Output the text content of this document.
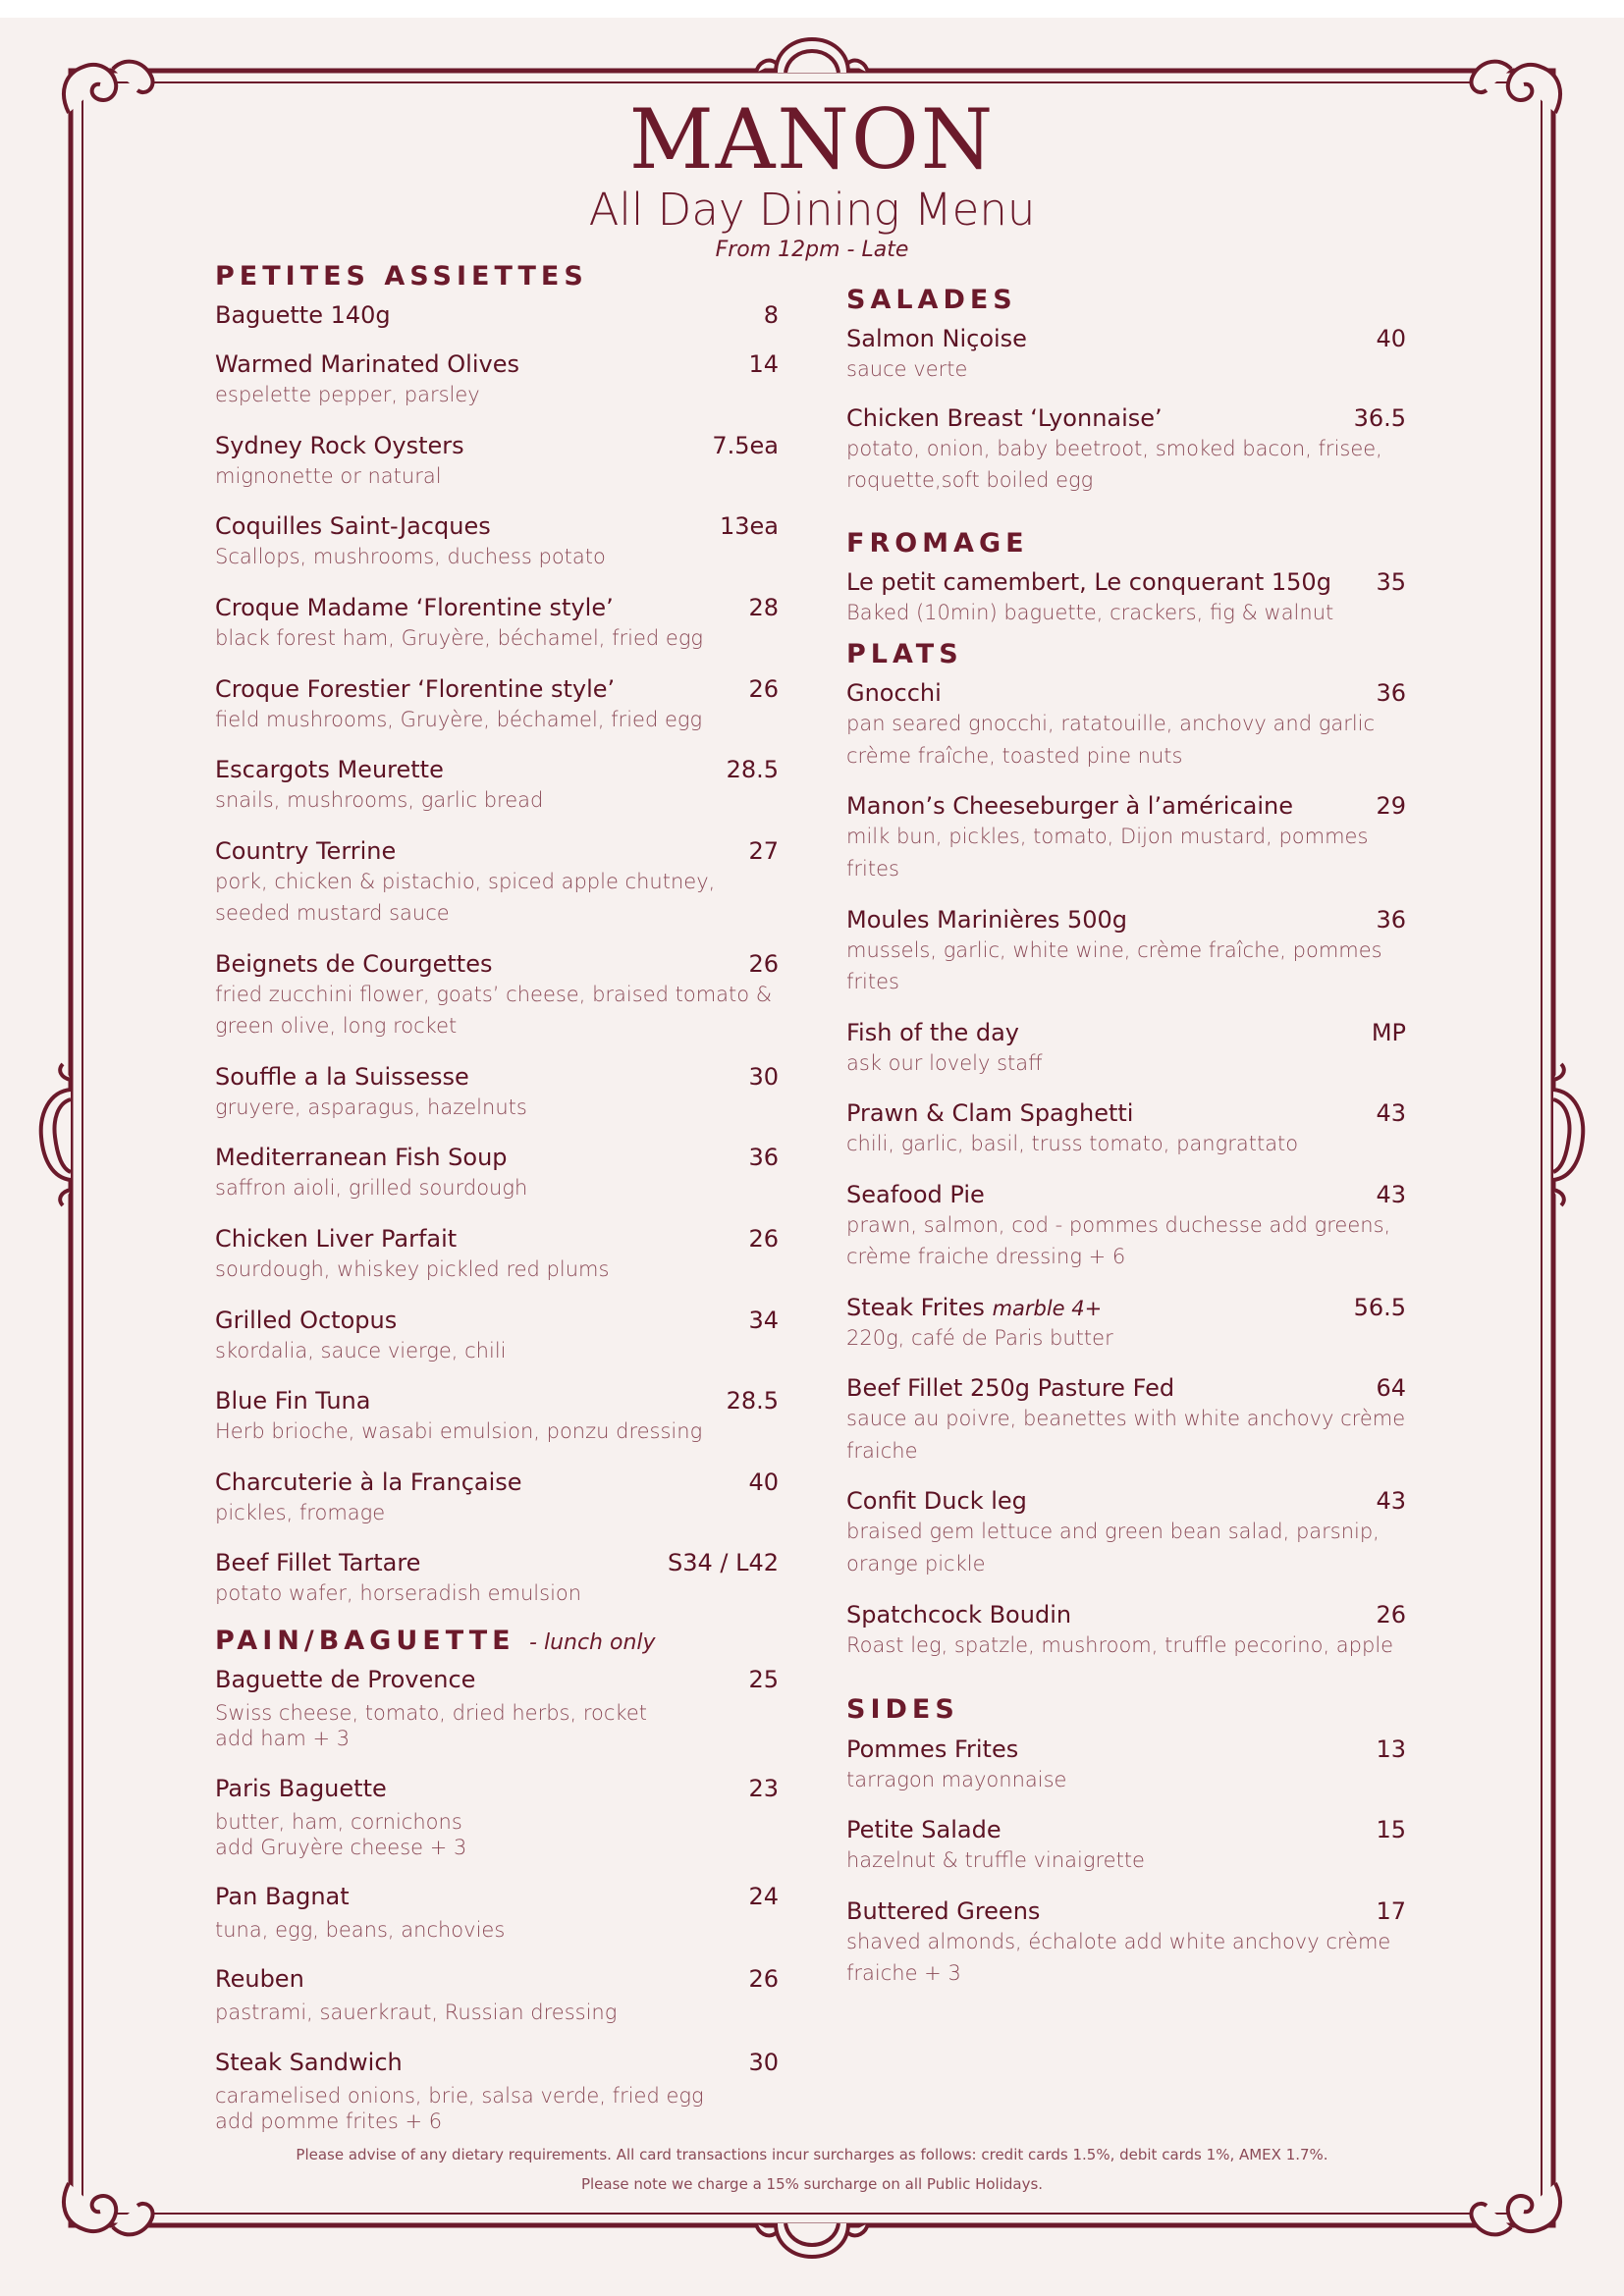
MANON
All Day Dining Menu
From 12pm - Late
PETITES ASSIETTES
Baguette 140g	8
Warmed Marinated Olives	14
espelette pepper, parsley
Sydney Rock Oysters	7.5ea
mignonette or natural
Coquilles Saint-Jacques	13ea
Scallops, mushrooms, duchess potato
Croque Madame ‘Florentine style’	28
black forest ham, Gruyère, béchamel, fried egg
Croque Forestier ‘Florentine style’	26
field mushrooms, Gruyère, béchamel, fried egg
Escargots Meurette	28.5
snails, mushrooms, garlic bread
Country Terrine	27
pork, chicken & pistachio, spiced apple chutney, seeded mustard sauce
Beignets de Courgettes	26
fried zucchini flower, goats’ cheese, braised tomato & green olive, long rocket
Souffle a la Suissesse	30
gruyere, asparagus, hazelnuts
Mediterranean Fish Soup	36
saffron aioli, grilled sourdough
Chicken Liver Parfait	26
sourdough, whiskey pickled red plums
Grilled Octopus	34
skordalia, sauce vierge, chili
Blue Fin Tuna	28.5
Herb brioche, wasabi emulsion, ponzu dressing
Charcuterie à la Française	40
pickles, fromage
Beef Fillet Tartare	S34 / L42
potato wafer, horseradish emulsion
PAIN/BAGUETTE - lunch only
Baguette de Provence	25
Swiss cheese, tomato, dried herbs, rocket
add ham + 3
Paris Baguette	23
butter, ham, cornichons
add Gruyère cheese + 3
Pan Bagnat	24
tuna, egg, beans, anchovies
Reuben	26
pastrami, sauerkraut, Russian dressing
Steak Sandwich	30
caramelised onions, brie, salsa verde, fried egg
add pomme frites + 6
SALADES
Salmon Niçoise	40
sauce verte
Chicken Breast ‘Lyonnaise’	36.5
potato, onion, baby beetroot, smoked bacon, frisee, roquette,soft boiled egg
FROMAGE
Le petit camembert, Le conquerant 150g 35
Baked (10min) baguette, crackers, fig & walnut
PLATS
Gnocchi	36
pan seared gnocchi, ratatouille, anchovy and garlic crème fraîche, toasted pine nuts
Manon’s Cheeseburger à l’américaine	29
milk bun, pickles, tomato, Dijon mustard, pommes frites
Moules Marinières 500g	36
mussels, garlic, white wine, crème fraîche, pommes frites
Fish of the day	MP
ask our lovely staff
Prawn & Clam Spaghetti	43
chili, garlic, basil, truss tomato, pangrattato
Seafood Pie	43
prawn, salmon, cod - pommes duchesse add greens, crème fraiche dressing + 6
Steak Frites marble 4+	56.5
220g, café de Paris butter
Beef Fillet 250g Pasture Fed	64
sauce au poivre, beanettes with white anchovy crème fraiche
Confit Duck leg	43
braised gem lettuce and green bean salad, parsnip, orange pickle
Spatchcock Boudin	26
Roast leg, spatzle, mushroom, truffle pecorino, apple
SIDES
Pommes Frites	13
tarragon mayonnaise
Petite Salade	15
hazelnut & truffle vinaigrette
Buttered Greens	17
shaved almonds, échalote add white anchovy crème fraiche + 3
Please advise of any dietary requirements. All card transactions incur surcharges as follows: credit cards 1.5%, debit cards 1%, AMEX 1.7%.
Please note we charge a 15% surcharge on all Public Holidays.
